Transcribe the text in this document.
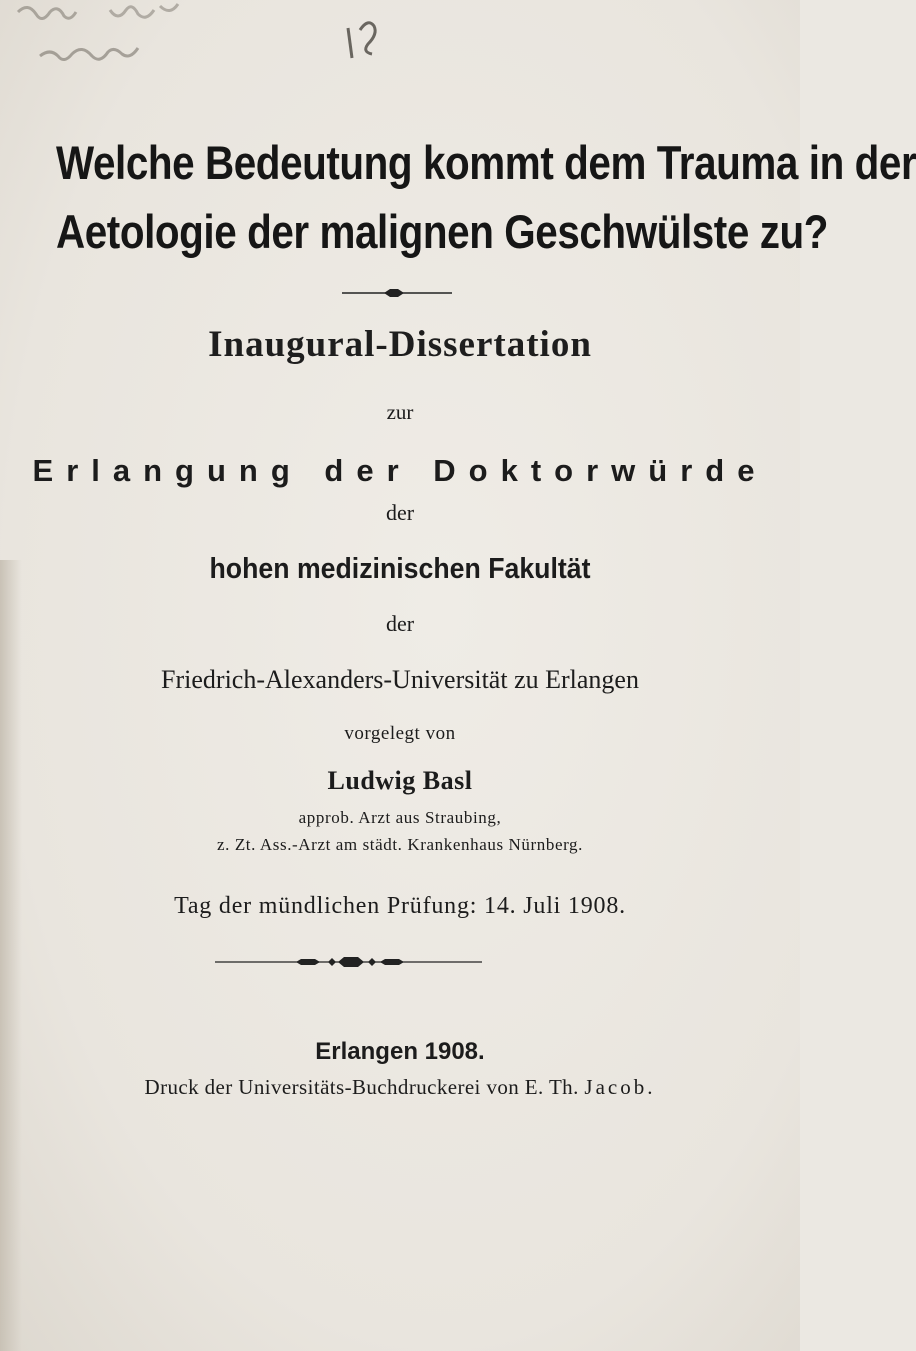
Welche Bedeutung kommt dem Trauma in der
Aetologie der malignen Geschwülste zu?
Inaugural-Dissertation
zur
Erlangung der Doktorwürde
der
hohen medizinischen Fakultät
der
Friedrich-Alexanders-Universität zu Erlangen
vorgelegt von
Ludwig Basl
approb. Arzt aus Straubing,
z. Zt. Ass.-Arzt am städt. Krankenhaus Nürnberg.
Tag der mündlichen Prüfung: 14. Juli 1908.
Erlangen 1908.
Druck der Universitäts-Buchdruckerei von E. Th. Jacob.
